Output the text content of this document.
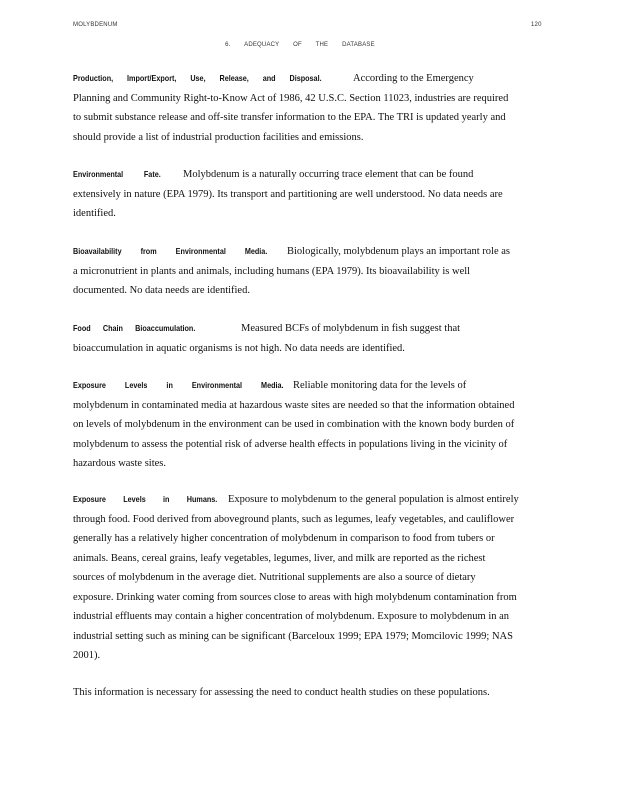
MOLYBDENUM	120
6. ADEQUACY OF THE DATABASE
Production, Import/Export, Use, Release, and Disposal.	According to the Emergency
Planning and Community Right-to-Know Act of 1986, 42 U.S.C. Section 11023, industries are required
to submit substance release and off-site transfer information to the EPA. The TRI is updated yearly and
should provide a list of industrial production facilities and emissions.
Environmental Fate. Molybdenum is a naturally occurring trace element that can be found
extensively in nature (EPA 1979). Its transport and partitioning are well understood. No data needs are
identified.
Bioavailability from Environmental Media. Biologically, molybdenum plays an important role as
a micronutrient in plants and animals, including humans (EPA 1979). Its bioavailability is well
documented. No data needs are identified.
Food Chain Bioaccumulation.	Measured BCFs of molybdenum in fish suggest that
bioaccumulation in aquatic organisms is not high. No data needs are identified.
Exposure Levels in Environmental Media. Reliable monitoring data for the levels of
molybdenum in contaminated media at hazardous waste sites are needed so that the information obtained
on levels of molybdenum in the environment can be used in combination with the known body burden of
molybdenum to assess the potential risk of adverse health effects in populations living in the vicinity of
hazardous waste sites.
Exposure Levels in Humans. Exposure to molybdenum to the general population is almost entirely
through food. Food derived from aboveground plants, such as legumes, leafy vegetables, and cauliflower
generally has a relatively higher concentration of molybdenum in comparison to food from tubers or
animals. Beans, cereal grains, leafy vegetables, legumes, liver, and milk are reported as the richest
sources of molybdenum in the average diet. Nutritional supplements are also a source of dietary
exposure. Drinking water coming from sources close to areas with high molybdenum contamination from
industrial effluents may contain a higher concentration of molybdenum. Exposure to molybdenum in an
industrial setting such as mining can be significant (Barceloux 1999; EPA 1979; Momcilovic 1999; NAS
2001).
This information is necessary for assessing the need to conduct health studies on these populations.
